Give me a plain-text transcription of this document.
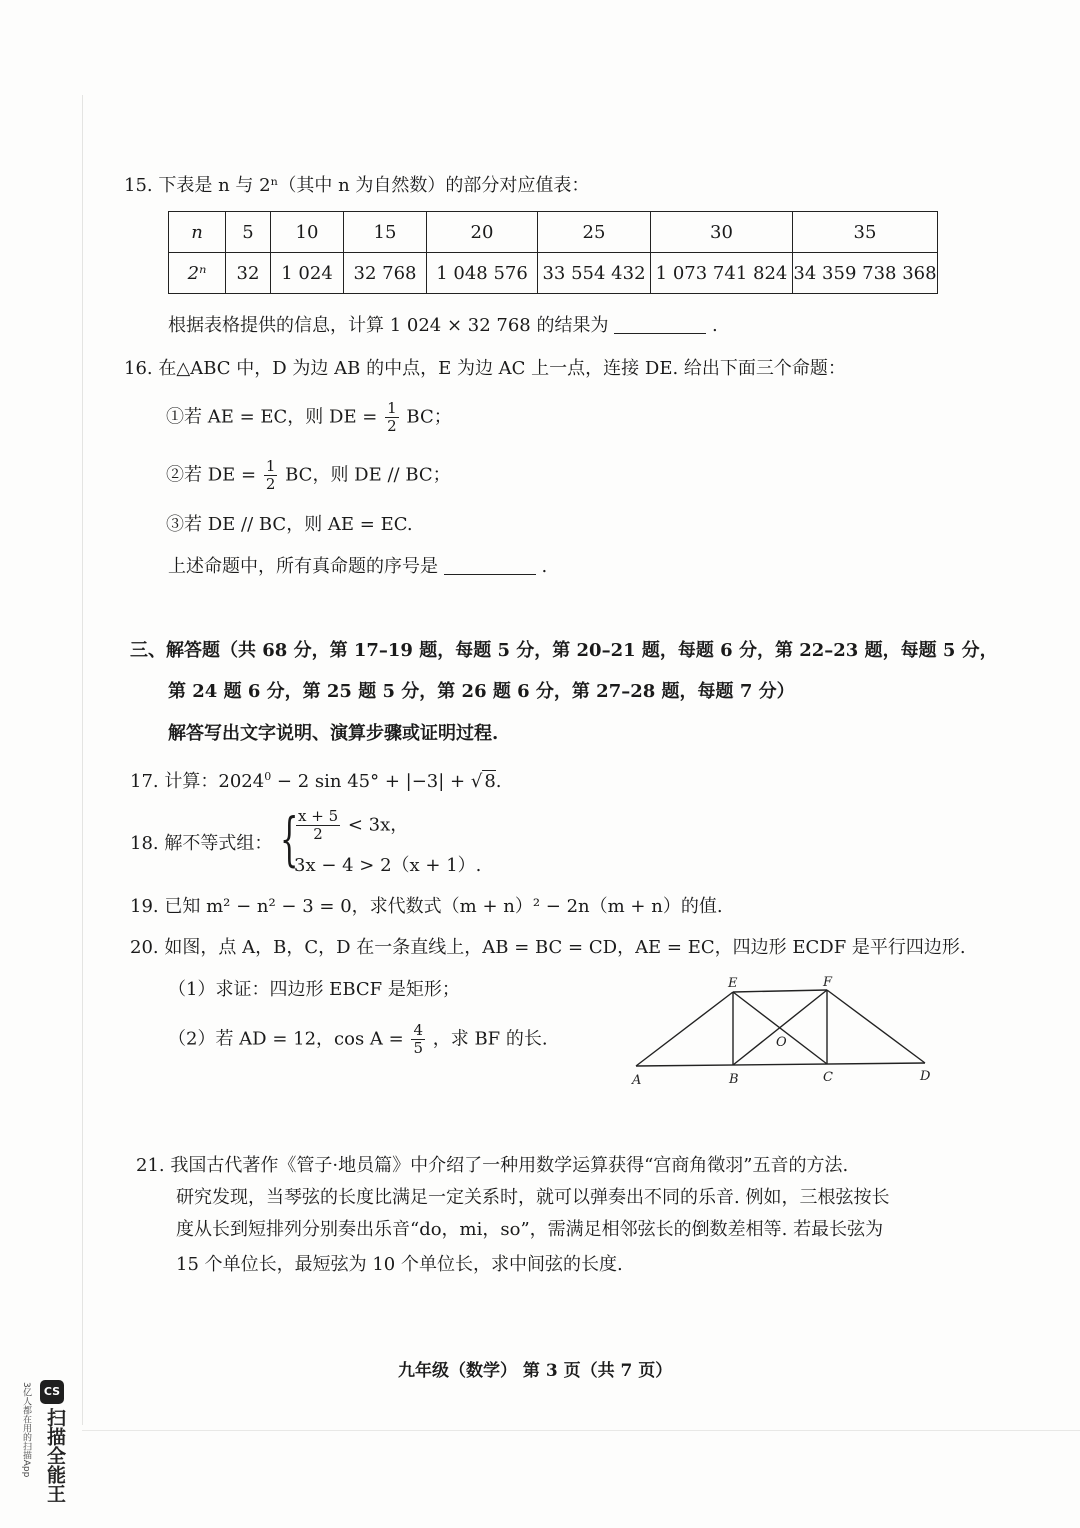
15. 下表是 n 与 2ⁿ（其中 n 为自然数）的部分对应值表：
n	5	10	15	20	25	30	35
2ⁿ	32	1 024	32 768	1 048 576	33 554 432	1 073 741 824	34 359 738 368
根据表格提供的信息，计算 1 024 × 32 768 的结果为	.
16. 在△ABC 中，D 为边 AB 的中点，E 为边 AC 上一点，连接 DE. 给出下面三个命题：
①若 AE = EC，则 DE = $\frac{1}{2}$ BC；
②若 DE = $\frac{1}{2}$ BC，则 DE // BC；
③若 DE // BC，则 AE = EC.
上述命题中，所有真命题的序号是	.
三、解答题（共 68 分，第 17–19 题，每题 5 分，第 20–21 题，每题 6 分，第 22–23 题，每题 5 分，
第 24 题 6 分，第 25 题 5 分，第 26 题 6 分，第 27–28 题，每题 7 分）
解答写出文字说明、演算步骤或证明过程.
17. 计算：$2024^0 - 2$ sin 45° + |−3| + √ 8.
18. 解不等式组： {
$\frac{x + 5}{2} < 3x$，
3x − 4 > 2（x + 1）.
19. 已知 m² − n² − 3 = 0，求代数式（m + n）² − 2n（m + n）的值.
20. 如图，点 A，B，C，D 在一条直线上，AB = BC = CD，AE = EC，四边形 ECDF 是平行四边形.
（1）求证：四边形 EBCF 是矩形；
（2）若 AD = 12，$\cos A = \frac{4}{5}$ ，求 BF 的长.
A	B	C	D
E	F
O
21. 我国古代著作《管子·地员篇》中介绍了一种用数学运算获得“宫商角徵羽”五音的方法.
研究发现，当琴弦的长度比满足一定关系时，就可以弹奏出不同的乐音. 例如，三根弦按长
度从长到短排列分别奏出乐音“do，mi，so”，需满足相邻弦长的倒数差相等. 若最长弦为
15 个单位长，最短弦为 10 个单位长，求中间弦的长度.
九年级（数学） 第 3 页（共 7 页）
3亿人都在用的扫描App	CS
扫描全能王
